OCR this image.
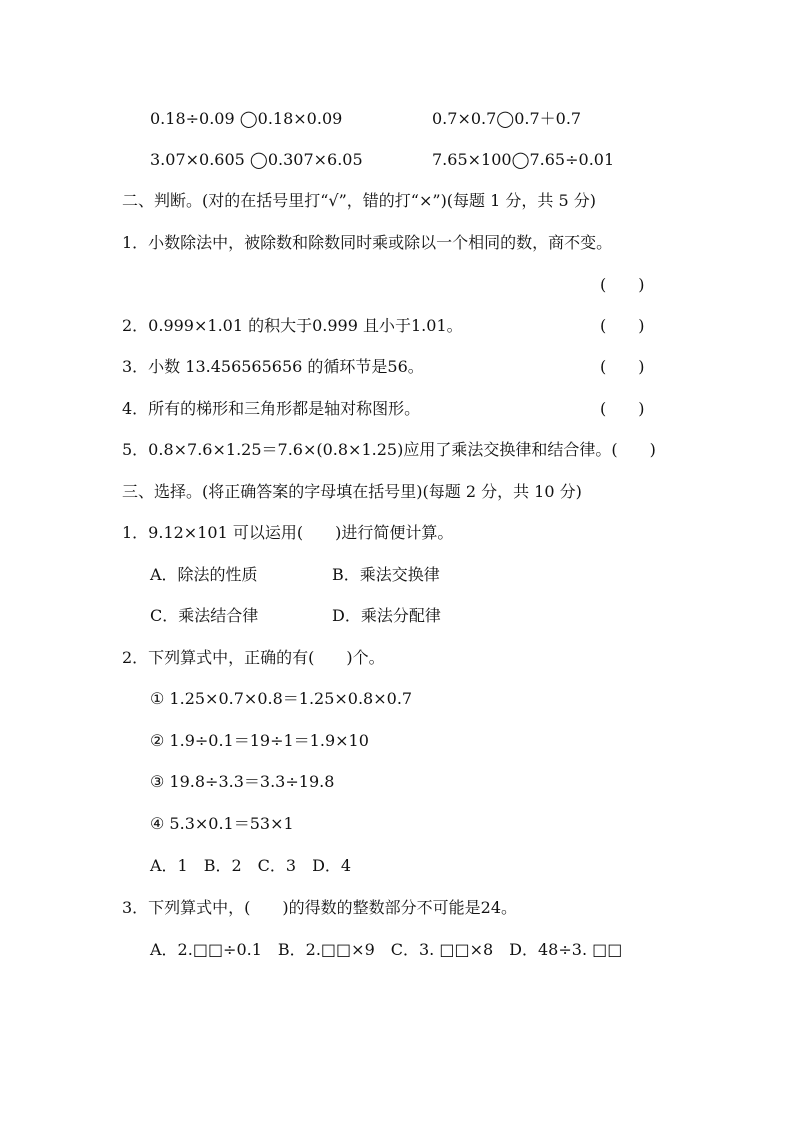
0.18÷0.09 ◯0.18×0.09	0.7×0.7◯0.7＋0.7
3.07×0.605 ◯0.307×6.05	7.65×100◯7.65÷0.01
二、判断。(对的在括号里打“√”，错的打“×”)(每题 1 分，共 5 分)
1．小数除法中，被除数和除数同时乘或除以一个相同的数，商不变。
(　　)
2．0.999×1.01 的积大于0.999 且小于1.01。	(　　)
3．小数 13.456565656 的循环节是56。	(　　)
4．所有的梯形和三角形都是轴对称图形。	(　　)
5．0.8×7.6×1.25＝7.6×(0.8×1.25)应用了乘法交换律和结合律。(　　)
三、选择。(将正确答案的字母填在括号里)(每题 2 分，共 10 分)
1．9.12×101 可以运用(　　)进行简便计算。
A．除法的性质	B．乘法交换律
C．乘法结合律	D．乘法分配律
2．下列算式中，正确的有(　　)个。
① 1.25×0.7×0.8＝1.25×0.8×0.7
② 1.9÷0.1＝19÷1＝1.9×10
③ 19.8÷3.3＝3.3÷19.8
④ 5.3×0.1＝53×1
A．1　B．2　C．3　D．4
3．下列算式中，(　　)的得数的整数部分不可能是24。
A．2.□□÷0.1　B．2.□□×9　C．3. □□×8　D．48÷3. □□
